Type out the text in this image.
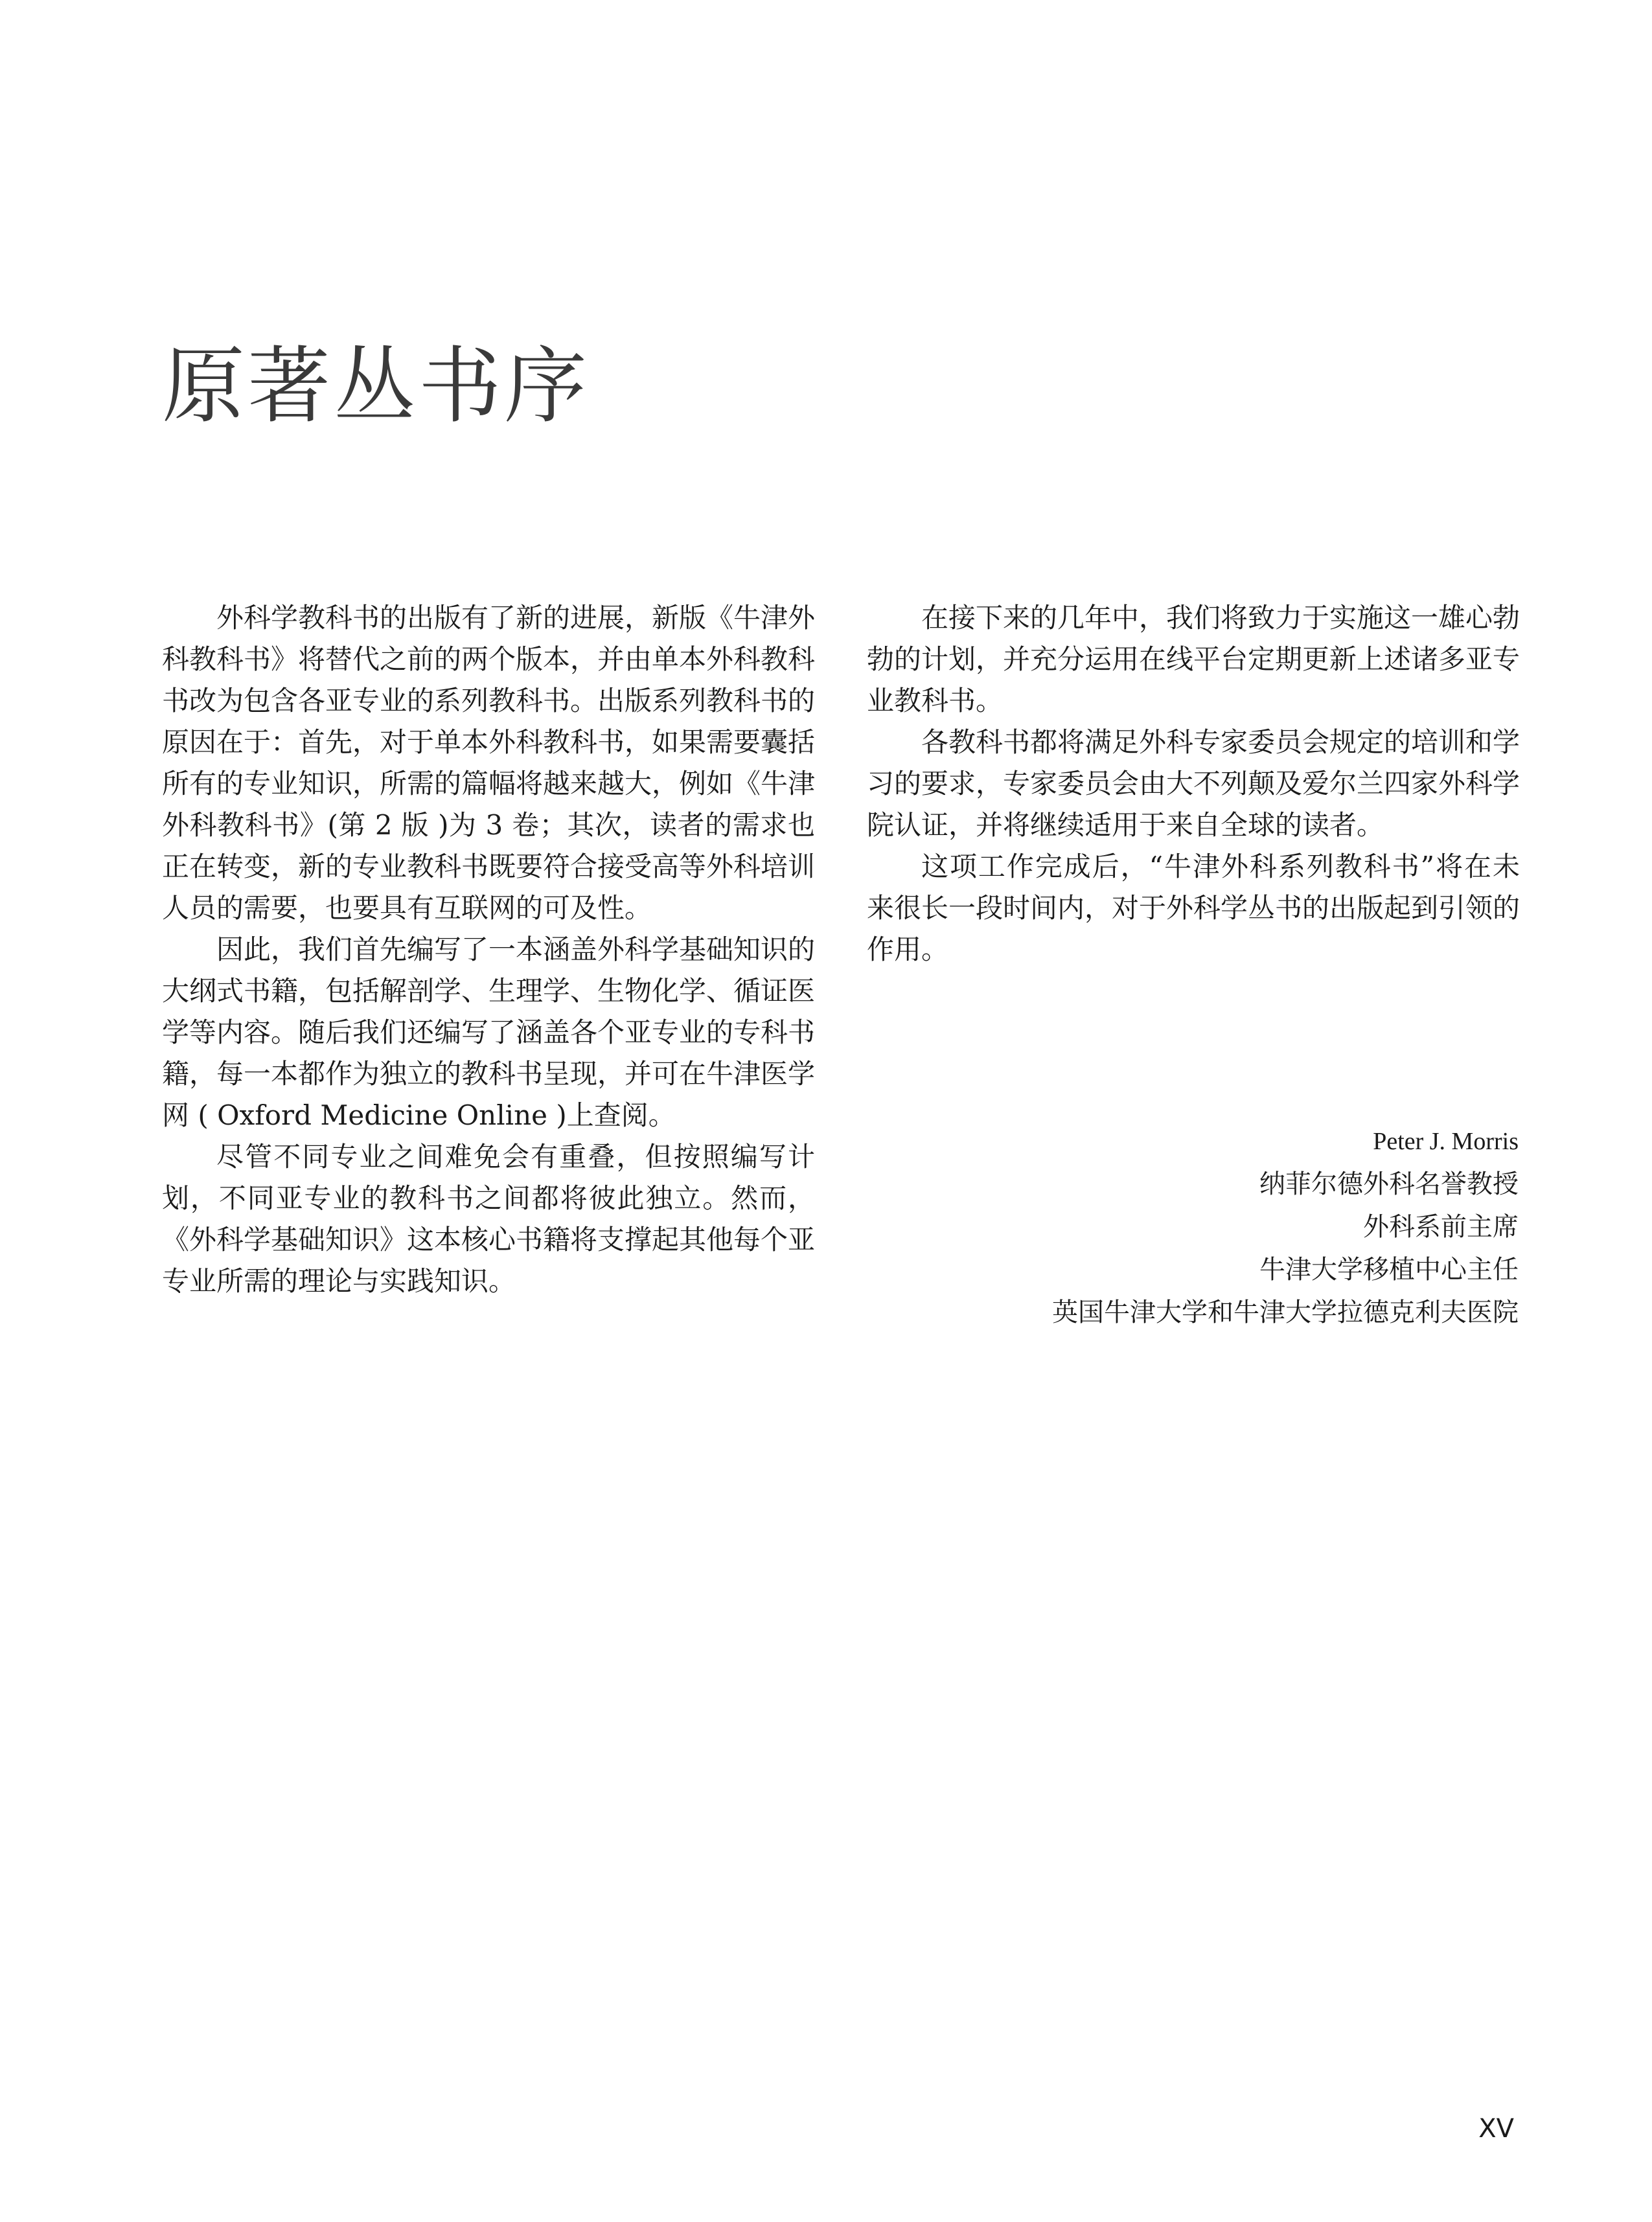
原著丛书序

外科学教科书的出版有了新的进展，新版《牛津外科教科书》将替代之前的两个版本，并由单本外科教科书改为包含各亚专业的系列教科书。出版系列教科书的原因在于：首先，对于单本外科教科书，如果需要囊括所有的专业知识，所需的篇幅将越来越大，例如《牛津外科教科书》(第 2 版 )为 3 卷；其次，读者的需求也正在转变，新的专业教科书既要符合接受高等外科培训人员的需要，也要具有互联网的可及性。

因此，我们首先编写了一本涵盖外科学基础知识的大纲式书籍，包括解剖学、生理学、生物化学、循证医学等内容。随后我们还编写了涵盖各个亚专业的专科书籍，每一本都作为独立的教科书呈现，并可在牛津医学网 ( Oxford Medicine Online )上查阅。

尽管不同专业之间难免会有重叠，但按照编写计划，不同亚专业的教科书之间都将彼此独立。然而，《外科学基础知识》这本核心书籍将支撑起其他每个亚专业所需的理论与实践知识。

在接下来的几年中，我们将致力于实施这一雄心勃勃的计划，并充分运用在线平台定期更新上述诸多亚专业教科书。

各教科书都将满足外科专家委员会规定的培训和学习的要求，专家委员会由大不列颠及爱尔兰四家外科学院认证，并将继续适用于来自全球的读者。

这项工作完成后，“牛津外科系列教科书”将在未来很长一段时间内，对于外科学丛书的出版起到引领的作用。

Peter J. Morris
纳菲尔德外科名誉教授
外科系前主席
牛津大学移植中心主任
英国牛津大学和牛津大学拉德克利夫医院
XV
